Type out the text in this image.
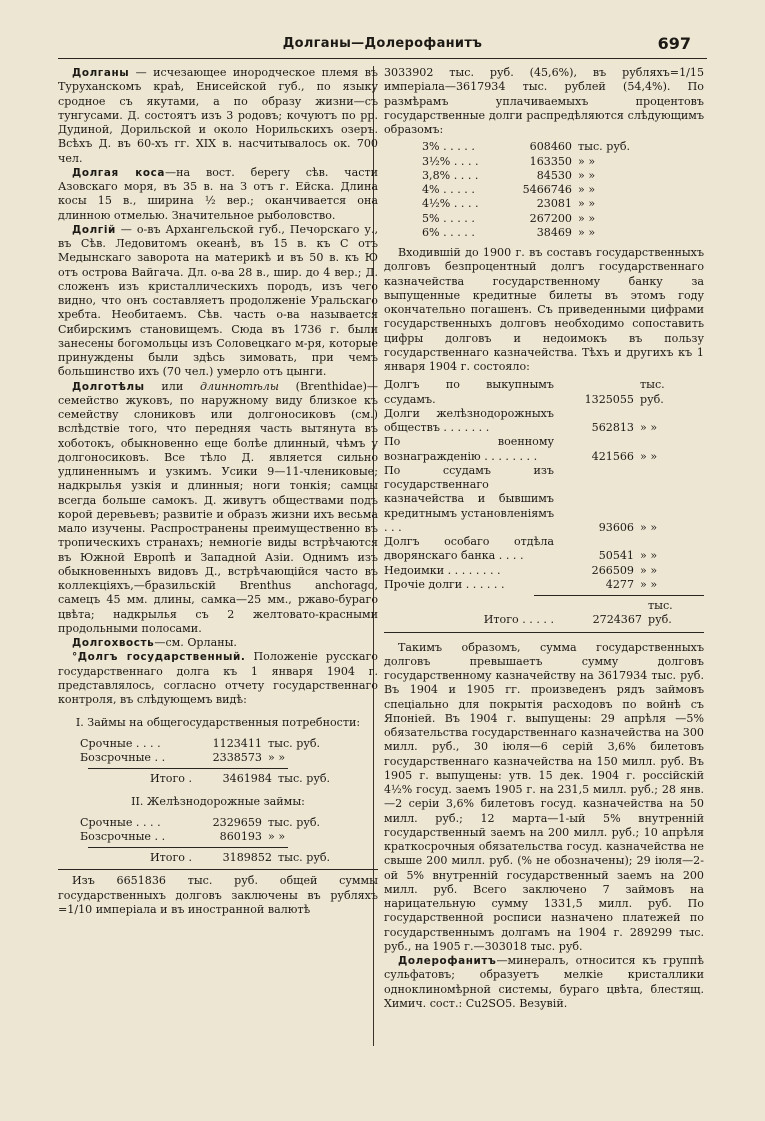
Долганы—Долерофанитъ	697

Долганы — исчезающее инородческое племя въ Туруханскомъ краѣ, Енисейской губ., по языку сродное съ якутами, а по образу жизни—съ тунгусами. Д. состоятъ изъ 3 родовъ; кочуютъ по рр. Дудиной, Дорильской и около Норильскихъ озеръ. Всѣхъ Д. въ 60-хъ гг. XIX в. насчитывалось ок. 700 чел.

Долгая коса—на вост. берегу сѣв. части Азовскаго моря, въ 35 в. на З отъ г. Ейска. Длина косы 15 в., ширина ½ вер.; оканчивается она длинною отмелью. Значительное рыболовство.

Долгій — о-въ Архангельской губ., Печорскаго у., въ Сѣв. Ледовитомъ океанѣ, въ 15 в. къ С отъ Медынскаго заворота на материкѣ и въ 50 в. къ Ю отъ острова Вайгача. Дл. о-ва 28 в., шир. до 4 вер.; Д. сложенъ изъ кристаллическихъ породъ, изъ чего видно, что онъ составляетъ продолженіе Уральскаго хребта. Необитаемъ. Сѣв. часть о-ва называется Сибирскимъ становищемъ. Сюда въ 1736 г. были занесены богомольцы изъ Соловецкаго м-ря, которые принуждены были здѣсь зимовать, при чемъ большинство ихъ (70 чел.) умерло отъ цынги.

Долготѣлы или длиннотѣлы (Brenthidae)—семейство жуковъ, по наружному виду близкое къ семейству слониковъ или долгоносиковъ (см.) вслѣдствіе того, что передняя часть вытянута въ хоботокъ, обыкновенно еще болѣе длинный, чѣмъ у долгоносиковъ. Все тѣло Д. является сильно удлиненнымъ и узкимъ. Усики 9—11-члениковые; надкрылья узкія и длинныя; ноги тонкія; самцы всегда больше самокъ. Д. живутъ обществами подъ корой деревьевъ; развитіе и образъ жизни ихъ весьма мало изучены. Распространены преимущественно въ тропическихъ странахъ; немногіе виды встрѣчаются въ Южной Европѣ и Западной Азіи. Однимъ изъ обыкновенныхъ видовъ Д., встрѣчающійся часто въ коллекціяхъ,—бразильскій Brenthus anchorago, самецъ 45 мм. длины, самка—25 мм., ржаво-бураго цвѣта; надкрылья съ 2 желтовато-красными продольными полосами.

Долгохвость—см. Орланы.

°Долгъ государственный. Положеніе русскаго государственнаго долга къ 1 января 1904 г. представлялось, согласно отчету государственнаго контроля, въ слѣдующемъ видѣ:

I. Займы на общегосударственныя потребности:

Срочные . . . .	1123411	тыс. руб.
Бозсрочные . .	2338573	» »
Итого .	3461984	тыс. руб.

II. Желѣзнодорожные займы:

Срочные . . . .	2329659	тыс. руб.
Бозсрочные . .	860193	» »
Итого .	3189852	тыс. руб.

Изъ 6651836 тыс. руб. общей суммы государственныхъ долговъ заключены въ рубляхъ =1/10 имперіала и въ иностранной валютѣ

3033902 тыс. руб. (45,6%), въ рубляхъ=1/15 имперіала—3617934 тыс. рублей (54,4%). По размѣрамъ уплачиваемыхъ процентовъ государственные долги распредѣляются слѣдующимъ образомъ:

3% . . . . .	608460	тыс. руб.
3½% . . . .	163350	» »
3,8% . . . .	84530	» »
4% . . . . .	5466746	» »
4½% . . . .	23081	» »
5% . . . . .	267200	» »
6% . . . . .	38469	» »

Входившій до 1900 г. въ составъ государственныхъ долговъ безпроцентный долгъ государственнаго казначейства государственному банку за выпущенные кредитные билеты въ этомъ году окончательно погашенъ. Съ приведенными цифрами государственныхъ долговъ необходимо сопоставить цифры долговъ и недоимокъ въ пользу государственнаго казначейства. Тѣхъ и другихъ къ 1 января 1904 г. состояло:

Долгъ по выкупнымъ ссудамъ.	1325055	тыс. руб.
Долги желѣзнодорожныхъ обществъ . . . . . . .	562813	» »
По военному вознагражденію . . . . . . . .	421566	» »
По ссудамъ изъ государственнаго казначейства и бывшимъ кредитнымъ установленіямъ . . .	93606	» »
Долгъ особаго отдѣла дворянскаго банка . . . .	50541	» »
Недоимки . . . . . . . .	266509	» »
Прочіе долги . . . . . .	4277	» »
Итого . . . . .	2724367	тыс. руб.

Такимъ образомъ, сумма государственныхъ долговъ превышаетъ сумму долговъ государственному казначейству на 3617934 тыс. руб. Въ 1904 и 1905 гг. произведенъ рядъ займовъ спеціально для покрытія расходовъ по войнѣ съ Японіей. Въ 1904 г. выпущены: 29 апрѣля —5% обязательства государственнаго казначейства на 300 милл. руб., 30 іюля—6 серій 3,6% билетовъ государственнаго казначейства на 150 милл. руб. Въ 1905 г. выпущены: утв. 15 дек. 1904 г. россійскій 4½% госуд. заемъ 1905 г. на 231,5 милл. руб.; 28 янв.—2 серіи 3,6% билетовъ госуд. казначейства на 50 милл. руб.; 12 марта—1-ый 5% внутренній государственный заемъ на 200 милл. руб.; 10 апрѣля краткосрочныя обязательства госуд. казначейства не свыше 200 милл. руб. (% не обозначены); 29 іюля—2-ой 5% внутренній государственный заемъ на 200 милл. руб. Всего заключено 7 займовъ на нарицательную сумму 1331,5 милл. руб. По государственной росписи назначено платежей по государственнымъ долгамъ на 1904 г. 289299 тыс. руб., на 1905 г.—303018 тыс. руб.

Долерофанитъ—минералъ, относится къ группѣ сульфатовъ; образуетъ мелкіе кристаллики одноклиномѣрной системы, бураго цвѣта, блестящ. Химич. сост.: Cu2SO5. Везувій.
